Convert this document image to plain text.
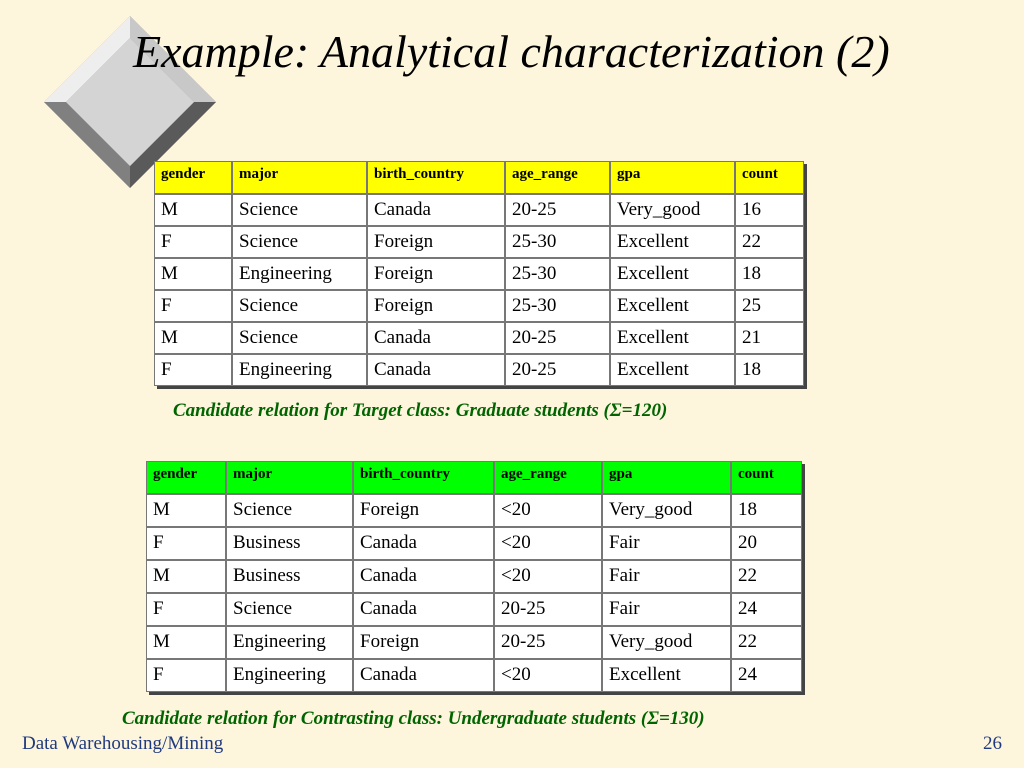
Example: Analytical characterization (2)
gender	major	birth_country	age_range	gpa	count
M	Science	Canada	20-25	Very_good	16
F	Science	Foreign	25-30	Excellent	22
M	Engineering	Foreign	25-30	Excellent	18
F	Science	Foreign	25-30	Excellent	25
M	Science	Canada	20-25	Excellent	21
F	Engineering	Canada	20-25	Excellent	18
Candidate relation for Target class: Graduate students (Σ=120)
gender	major	birth_country	age_range	gpa	count
M	Science	Foreign	<20	Very_good	18
F	Business	Canada	<20	Fair	20
M	Business	Canada	<20	Fair	22
F	Science	Canada	20-25	Fair	24
M	Engineering	Foreign	20-25	Very_good	22
F	Engineering	Canada	<20	Excellent	24
Candidate relation for Contrasting class: Undergraduate students (Σ=130)
Data Warehousing/Mining	26
